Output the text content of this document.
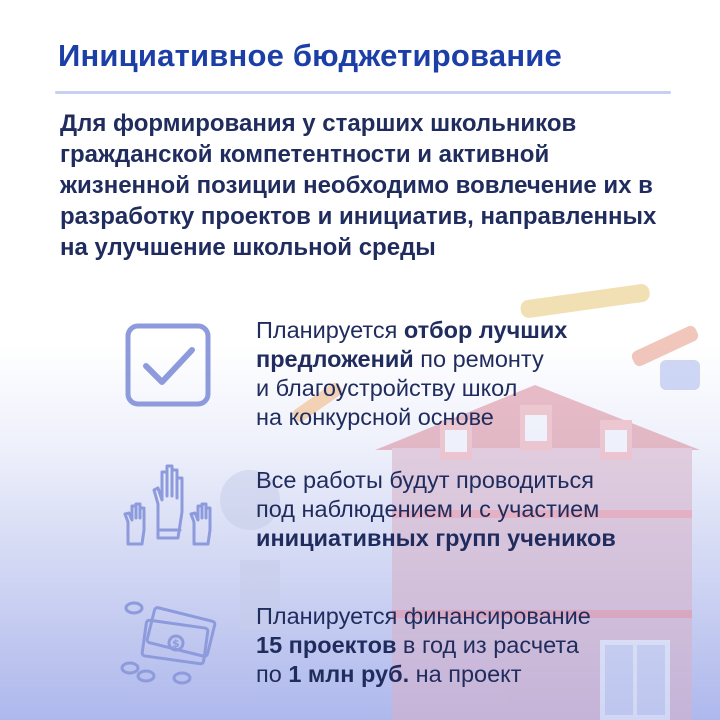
Инициативное бюджетирование

Для формирования у старших школьников гражданской компетентности и активной жизненной позиции необходимо вовлечение их в разработку проектов и инициатив, направленных на улучшение школьной среды

Планируется отбор лучших
предложений по ремонту
и благоустройству школ
на конкурсной основе
Все работы будут проводиться
под наблюдением и с участием
инициативных групп учеников
$
Планируется финансирование
15 проектов в год из расчета
по 1 млн руб. на проект
